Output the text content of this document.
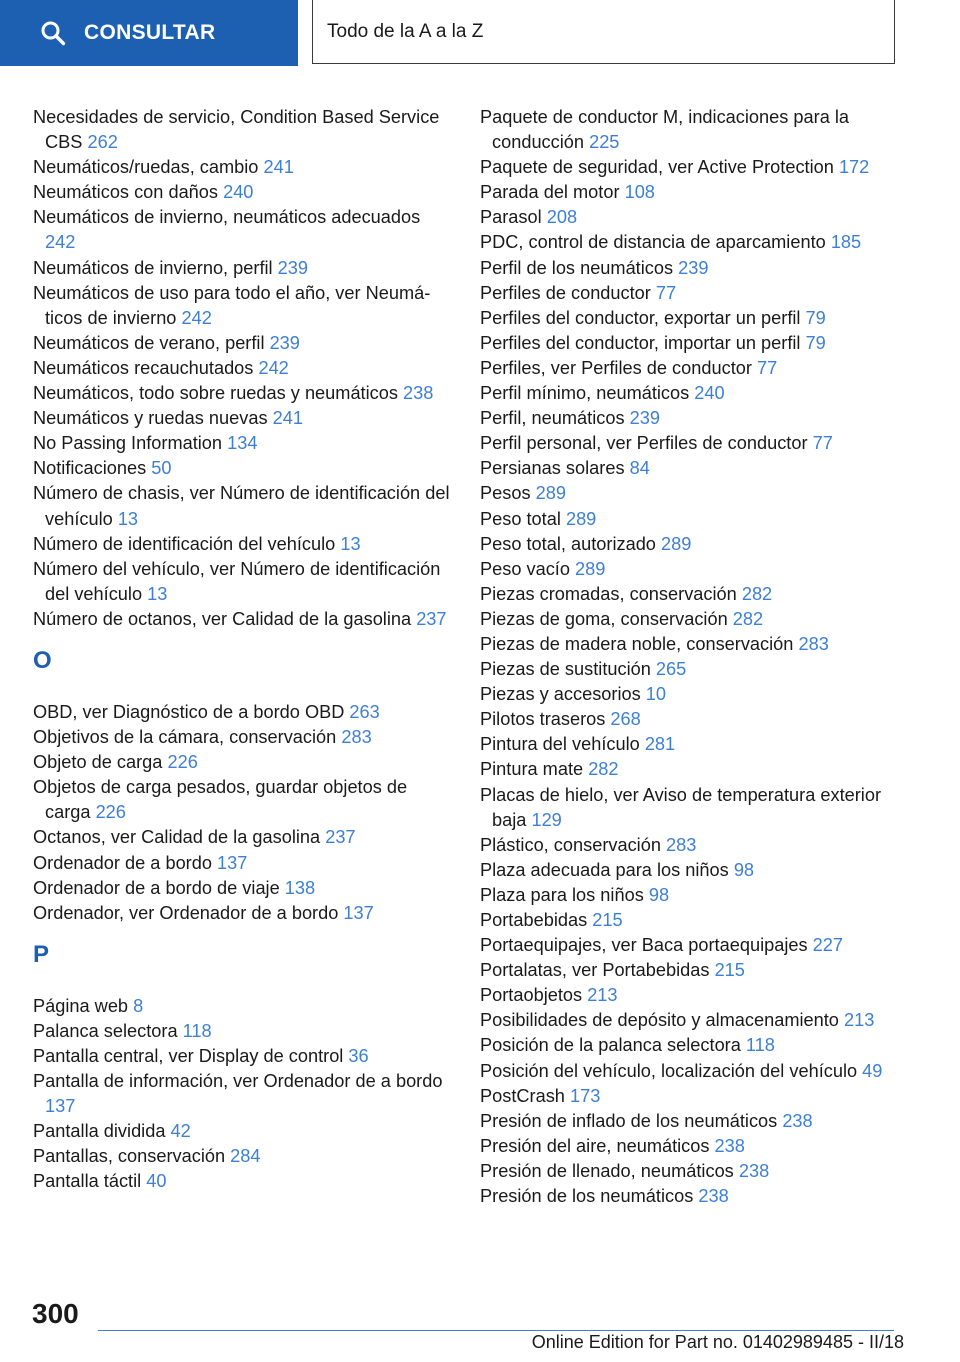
CONSULTAR	Todo de la A a la Z
Necesidades de servicio, Condition Based Service CBS 262
Neumáticos/ruedas, cambio 241
Neumáticos con daños 240
Neumáticos de invierno, neumáticos adecuados 242
Neumáticos de invierno, perfil 239
Neumáticos de uso para todo el año, ver Neumáticos de invierno 242
Neumáticos de verano, perfil 239
Neumáticos recauchutados 242
Neumáticos, todo sobre ruedas y neumáticos 238
Neumáticos y ruedas nuevas 241
No Passing Information 134
Notificaciones 50
Número de chasis, ver Número de identificación del vehículo 13
Número de identificación del vehículo 13
Número del vehículo, ver Número de identificación del vehículo 13
Número de octanos, ver Calidad de la gasolina 237
O
OBD, ver Diagnóstico de a bordo OBD 263
Objetivos de la cámara, conservación 283
Objeto de carga 226
Objetos de carga pesados, guardar objetos de carga 226
Octanos, ver Calidad de la gasolina 237
Ordenador de a bordo 137
Ordenador de a bordo de viaje 138
Ordenador, ver Ordenador de a bordo 137
P
Página web 8
Palanca selectora 118
Pantalla central, ver Display de control 36
Pantalla de información, ver Ordenador de a bordo 137
Pantalla dividida 42
Pantallas, conservación 284
Pantalla táctil 40
Paquete de conductor M, indicaciones para la conducción 225
Paquete de seguridad, ver Active Protection 172
Parada del motor 108
Parasol 208
PDC, control de distancia de aparcamiento 185
Perfil de los neumáticos 239
Perfiles de conductor 77
Perfiles del conductor, exportar un perfil 79
Perfiles del conductor, importar un perfil 79
Perfiles, ver Perfiles de conductor 77
Perfil mínimo, neumáticos 240
Perfil, neumáticos 239
Perfil personal, ver Perfiles de conductor 77
Persianas solares 84
Pesos 289
Peso total 289
Peso total, autorizado 289
Peso vacío 289
Piezas cromadas, conservación 282
Piezas de goma, conservación 282
Piezas de madera noble, conservación 283
Piezas de sustitución 265
Piezas y accesorios 10
Pilotos traseros 268
Pintura del vehículo 281
Pintura mate 282
Placas de hielo, ver Aviso de temperatura exterior baja 129
Plástico, conservación 283
Plaza adecuada para los niños 98
Plaza para los niños 98
Portabebidas 215
Portaequipajes, ver Baca portaequipajes 227
Portalatas, ver Portabebidas 215
Portaobjetos 213
Posibilidades de depósito y almacenamiento 213
Posición de la palanca selectora 118
Posición del vehículo, localización del vehículo 49
PostCrash 173
Presión de inflado de los neumáticos 238
Presión del aire, neumáticos 238
Presión de llenado, neumáticos 238
Presión de los neumáticos 238
300
Online Edition for Part no. 01402989485 - II/18
